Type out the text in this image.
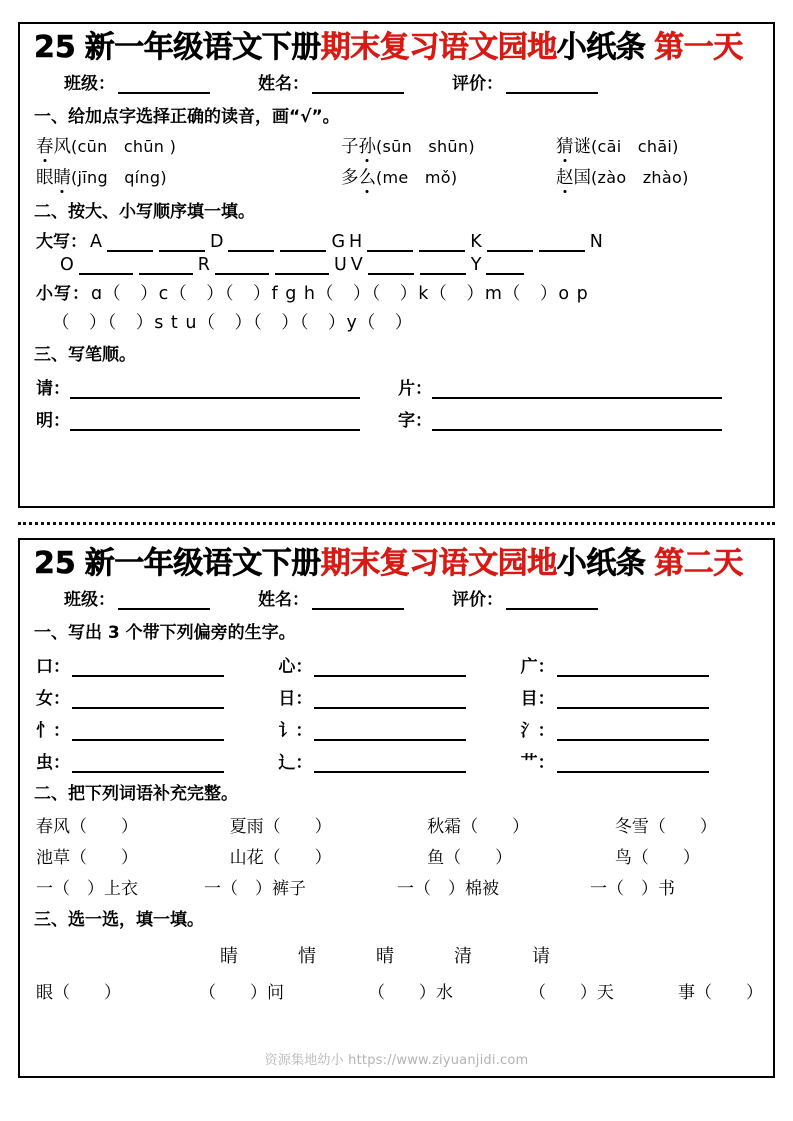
25 新一年级语文下册 期末复习语文园地 小纸条 第一天
班级：	姓名：	评价：
一、给加点字选择正确的读音，画“√”。
春风 (cūn　chūn )	子孙 (sūn　shūn)	猜谜 (cāi　chāi)
眼睛 (jīng　qíng)	多么 (me　mǒ)	赵国 (zào　zhào)
二、按大、小写顺序填一填。
大写： A	D	G H	K	N
O	R	U V	Y
小写： ɑ（　）c（　）（　）f g h（　）（　）k（　）m（　）o p
（　）（　）s t u（　）（　）（　）y（　）
三、写笔顺。
请：	片：
明：	字：
25 新一年级语文下册 期末复习语文园地 小纸条 第二天
班级：	姓名：	评价：
一、写出 3 个带下列偏旁的生字。
口：	心：	广：
女：	日：	目：
忄：	讠：	氵：
虫：	辶：	艹：
二、把下列词语补充完整。
春风（　　）	夏雨（　　）	秋霜（　　）	冬雪（　　）
池草（　　）	山花（　　）	鱼（　　）	鸟（　　）
一（　）上衣	一（　）裤子	一（　）棉被	一（　）书
三、选一选，填一填。
睛	情	晴	清	请
眼（　　）	（　　）问	（　　）水	（　　）天	事（　　）
资源集地幼小 https://www.ziyuanjidi.com
